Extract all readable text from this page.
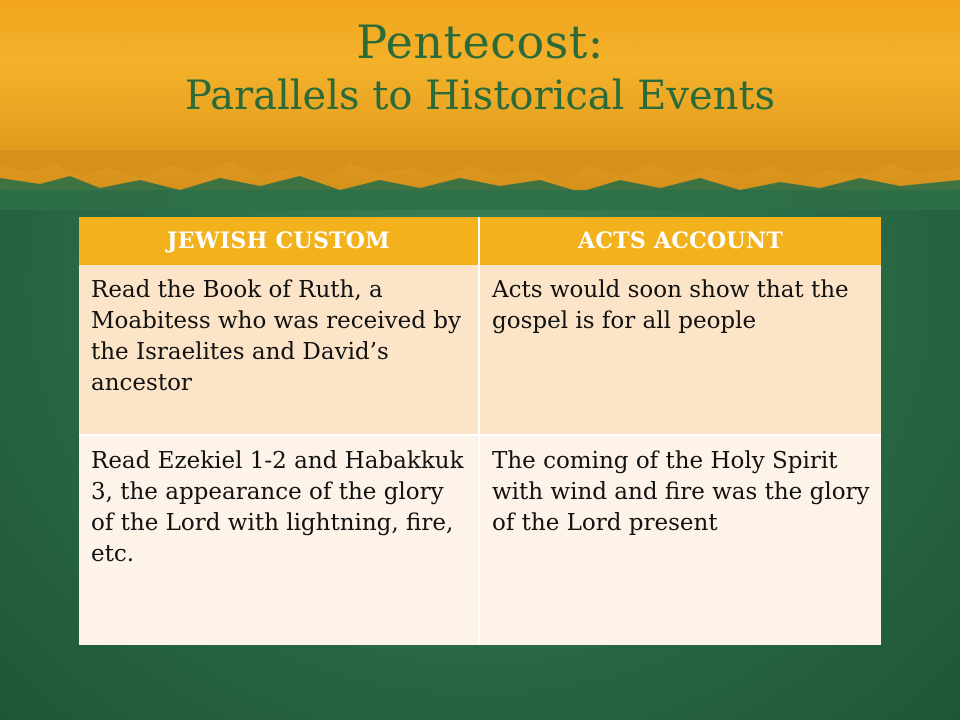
Pentecost:
Parallels to Historical Events
JEWISH CUSTOM	ACTS ACCOUNT
Read the Book of Ruth, a Moabitess who was received by the Israelites and David’s ancestor	Acts would soon show that the gospel is for all people
Read Ezekiel 1-2 and Habakkuk 3, the appearance of the glory of the Lord with lightning, fire, etc.	The coming of the Holy Spirit with wind and fire was the glory of the Lord present
